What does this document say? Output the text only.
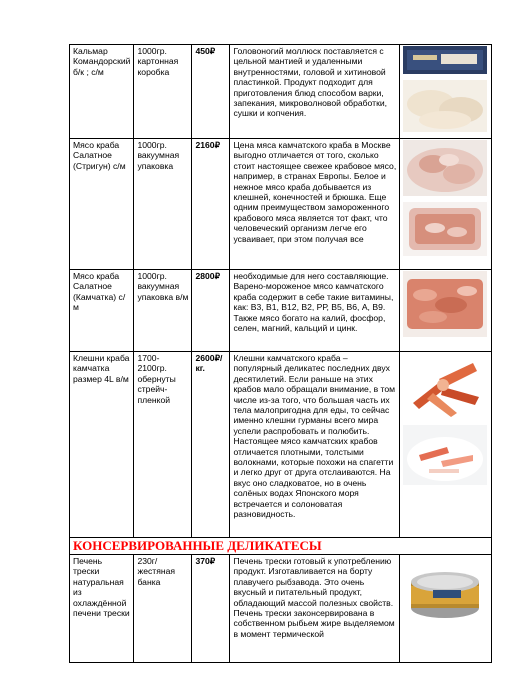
Кальмар Командорский б/к ; с/м	1000гр. картонная коробка	450₽	Головоногий моллюск поставляется с цельной мантией и удаленными внутренностями, головой и хитиновой пластинкой. Продукт подходит для приготовления блюд способом варки, запекания, микроволновой обработки, сушки и копчения.	

Мясо краба Салатное (Стригун) с/м	1000гр. вакуумная упаковка	2160₽	Цена мяса камчатского краба в Москве выгодно отличается от того, сколько стоит настоящее свежее крабовое мясо, например, в странах Европы. Белое и нежное мясо краба добывается из клешней, конечностей и брюшка. Еще одним преимуществом замороженного крабового мяса является тот факт, что человеческий организм легче его усваивает, при этом получая все	

Мясо краба Салатное (Камчатка) с/м	1000гр. вакуумная упаковка в/м	2800₽	необходимые для него составляющие. Варено-мороженое мясо камчатского краба содержит в себе такие витамины, как: В3, В1, В12, В2, РР, В5, В6, А, В9. Также мясо богато на калий, фосфор, селен, магний, кальций и цинк.	

Клешни краба камчатка размер 4L в/м	1700-2100гр. обернуты стрейч-пленкой	2600₽/ кг.	Клешни камчатского краба – популярный деликатес последних двух десятилетий. Если раньше на этих крабов мало обращали внимание, в том числе из-за того, что большая часть их тела малопригодна для еды, то сейчас именно клешни гурманы всего мира успели распробовать и полюбить. Настоящее мясо камчатских крабов отличается плотными, толстыми волокнами, которые похожи на спагетти и легко друг от друга отслаиваются. На вкус оно сладковатое, но в очень солёных водах Японского моря встречается и солоноватая разновидность.	

КОНСЕРВИРОВАННЫЕ ДЕЛИКАТЕСЫ				
Печень трески натуральная из охлаждённой печени трески	230г/жестяная банка	370₽	Печень трески готовый к употреблению продукт. Изготавливается на борту плавучего рыбзавода. Это очень вкусный и питательный продукт, обладающий массой полезных свойств. Печень трески законсервирована в собственном рыбьем жире выделяемом в момент термической	
